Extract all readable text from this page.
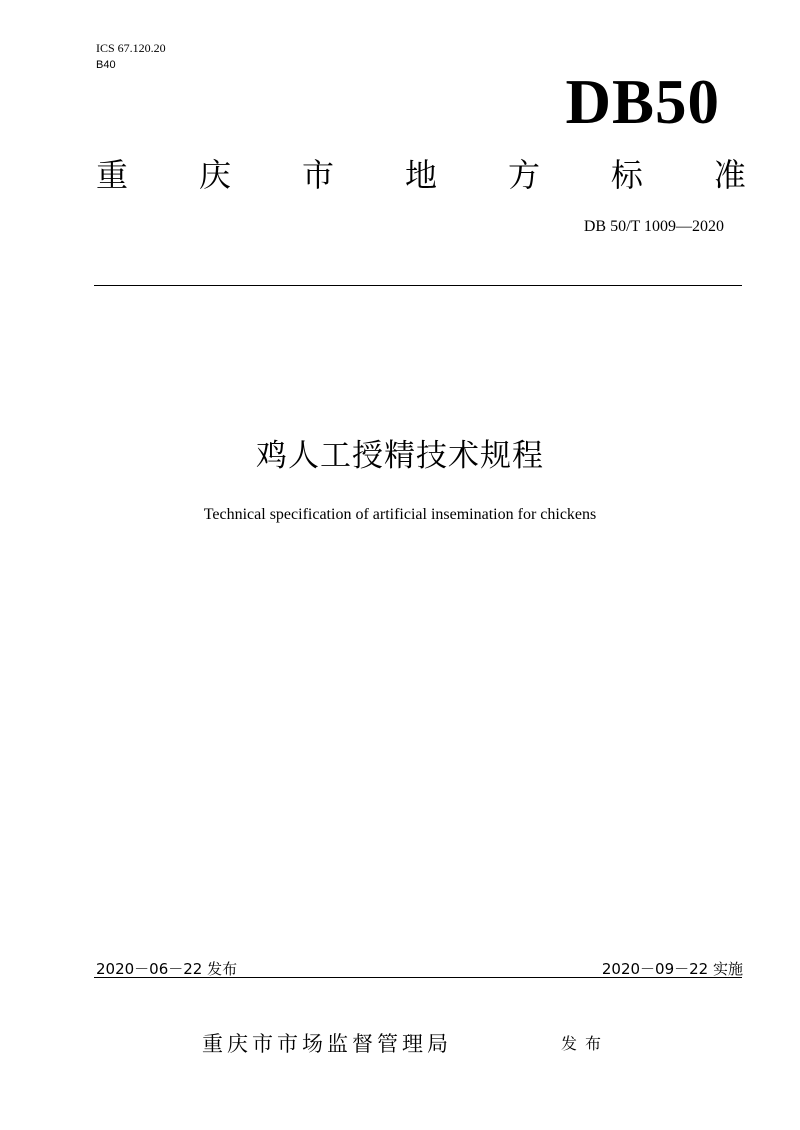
ICS 67.120.20
B40
DB50
重 庆 市 地 方 标 准
DB 50/T 1009—2020
鸡人工授精技术规程
Technical specification of artificial insemination for chickens
2020－06－22 发布	2020－09－22 实施
重庆市市场监督管理局	发布
